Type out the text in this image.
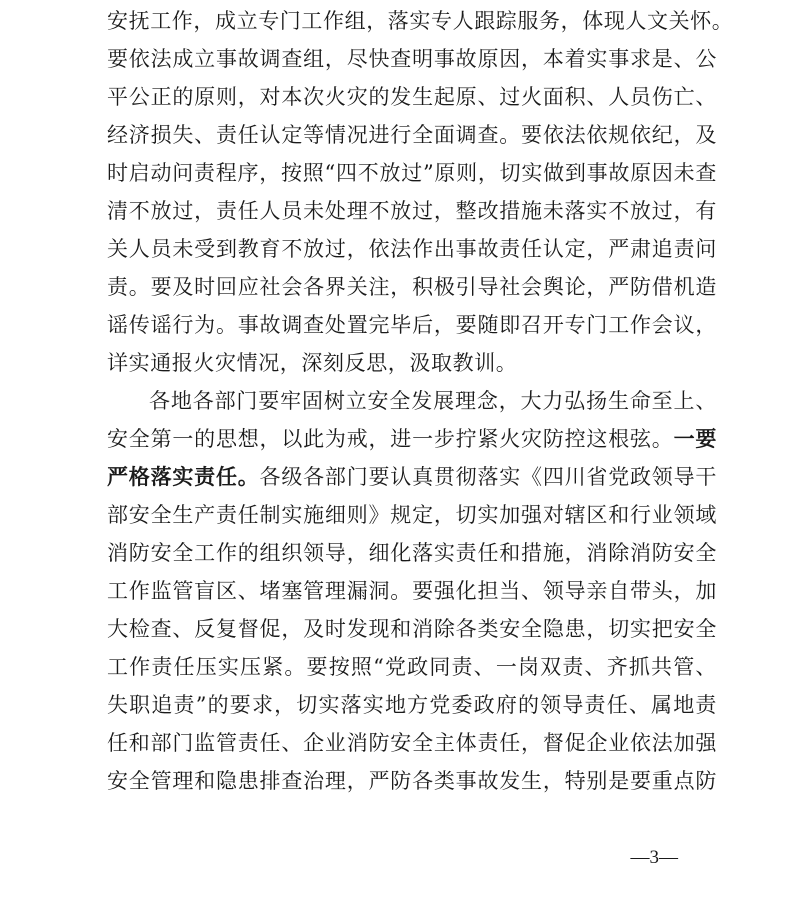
安抚工作，成立专门工作组，落实专人跟踪服务，体现人文关怀。
要依法成立事故调查组，尽快查明事故原因，本着实事求是、公
平公正的原则，对本次火灾的发生起原、过火面积、人员伤亡、
经济损失、责任认定等情况进行全面调查。要依法依规依纪，及
时启动问责程序，按照“四不放过”原则，切实做到事故原因未查
清不放过，责任人员未处理不放过，整改措施未落实不放过，有
关人员未受到教育不放过，依法作出事故责任认定，严肃追责问
责。要及时回应社会各界关注，积极引导社会舆论，严防借机造
谣传谣行为。事故调查处置完毕后，要随即召开专门工作会议，
详实通报火灾情况，深刻反思，汲取教训。
各地各部门要牢固树立安全发展理念，大力弘扬生命至上、
安全第一的思想，以此为戒，进一步拧紧火灾防控这根弦。一要
严格落实责任。各级各部门要认真贯彻落实《四川省党政领导干
部安全生产责任制实施细则》规定，切实加强对辖区和行业领域
消防安全工作的组织领导，细化落实责任和措施，消除消防安全
工作监管盲区、堵塞管理漏洞。要强化担当、领导亲自带头，加
大检查、反复督促，及时发现和消除各类安全隐患，切实把安全
工作责任压实压紧。要按照“党政同责、一岗双责、齐抓共管、
失职追责”的要求，切实落实地方党委政府的领导责任、属地责
任和部门监管责任、企业消防安全主体责任，督促企业依法加强
安全管理和隐患排查治理，严防各类事故发生，特别是要重点防
—3—
